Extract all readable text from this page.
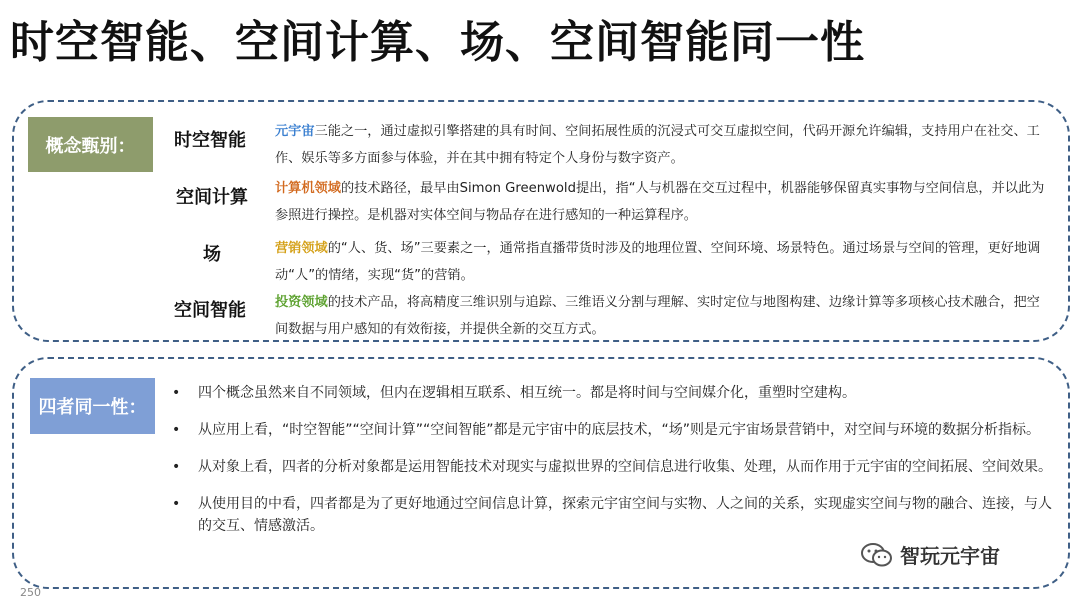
时空智能、空间计算、场、空间智能同一性
概念甄别：	时空智能	元宇宙三能之一，通过虚拟引擎搭建的具有时间、空间拓展性质的沉浸式可交互虚拟空间，代码开源允许编辑，支持用户在社交、工作、娱乐等多方面参与体验，并在其中拥有特定个人身份与数字资产。
空间计算	计算机领域的技术路径，最早由Simon Greenwold提出，指“人与机器在交互过程中，机器能够保留真实事物与空间信息，并以此为参照进行操控。是机器对实体空间与物品存在进行感知的一种运算程序。
场	营销领域的“人、货、场”三要素之一，通常指直播带货时涉及的地理位置、空间环境、场景特色。通过场景与空间的管理，更好地调动“人”的情绪，实现“货”的营销。
空间智能	投资领域的技术产品，将高精度三维识别与追踪、三维语义分割与理解、实时定位与地图构建、边缘计算等多项核心技术融合，把空间数据与用户感知的有效衔接，并提供全新的交互方式。
四者同一性：
• 四个概念虽然来自不同领域，但内在逻辑相互联系、相互统一。都是将时间与空间媒介化，重塑时空建构。
• 从应用上看，“时空智能”“空间计算”“空间智能”都是元宇宙中的底层技术，“场”则是元宇宙场景营销中，对空间与环境的数据分析指标。
• 从对象上看，四者的分析对象都是运用智能技术对现实与虚拟世界的空间信息进行收集、处理，从而作用于元宇宙的空间拓展、空间效果。
• 从使用目的中看，四者都是为了更好地通过空间信息计算，探索元宇宙空间与实物、人之间的关系，实现虚实空间与物的融合、连接，与人的交互、情感激活。
250
智玩元宇宙
